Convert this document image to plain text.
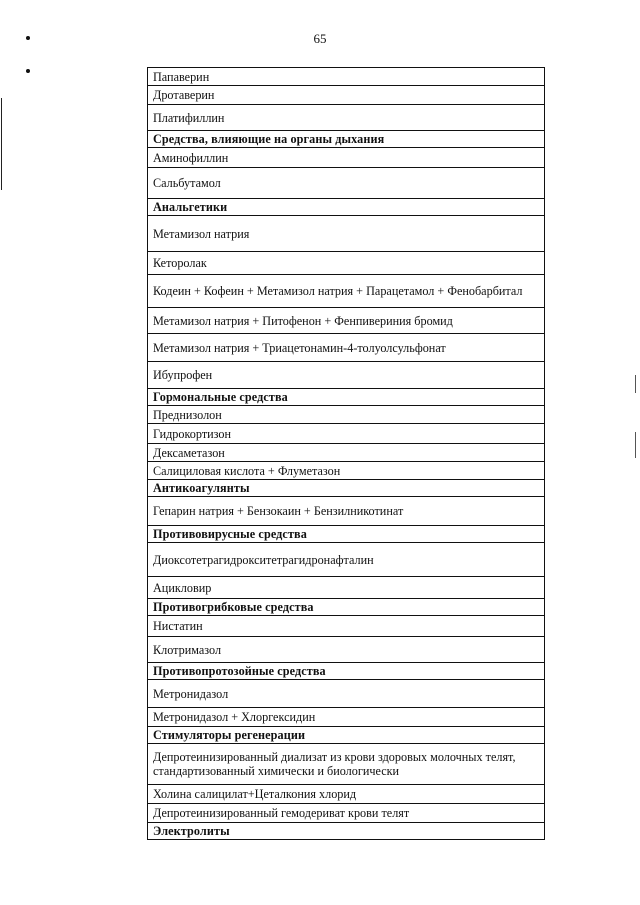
65
Папаверин
Дротаверин
Платифиллин
Средства, влияющие на органы дыхания
Аминофиллин
Сальбутамол
Анальгетики
Метамизол натрия
Кеторолак
Кодеин + Кофеин + Метамизол натрия + Парацетамол + Фенобарбитал
Метамизол натрия + Питофенон + Фенпивериния бромид
Метамизол натрия + Триацетонамин-4-толуолсульфонат
Ибупрофен
Гормональные средства
Преднизолон
Гидрокортизон
Дексаметазон
Салициловая кислота + Флуметазон
Антикоагулянты
Гепарин натрия + Бензокаин + Бензилникотинат
Противовирусные средства
Диоксотетрагидрокситетрагидронафталин
Ацикловир
Противогрибковые средства
Нистатин
Клотримазол
Противопротозойные средства
Метронидазол
Метронидазол + Хлоргексидин
Стимуляторы регенерации
Депротеинизированный диализат из крови здоровых молочных телят, стандартизованный химически и биологически
Холина салицилат+Цеталкония хлорид
Депротеинизированный гемодериват крови телят
Электролиты
